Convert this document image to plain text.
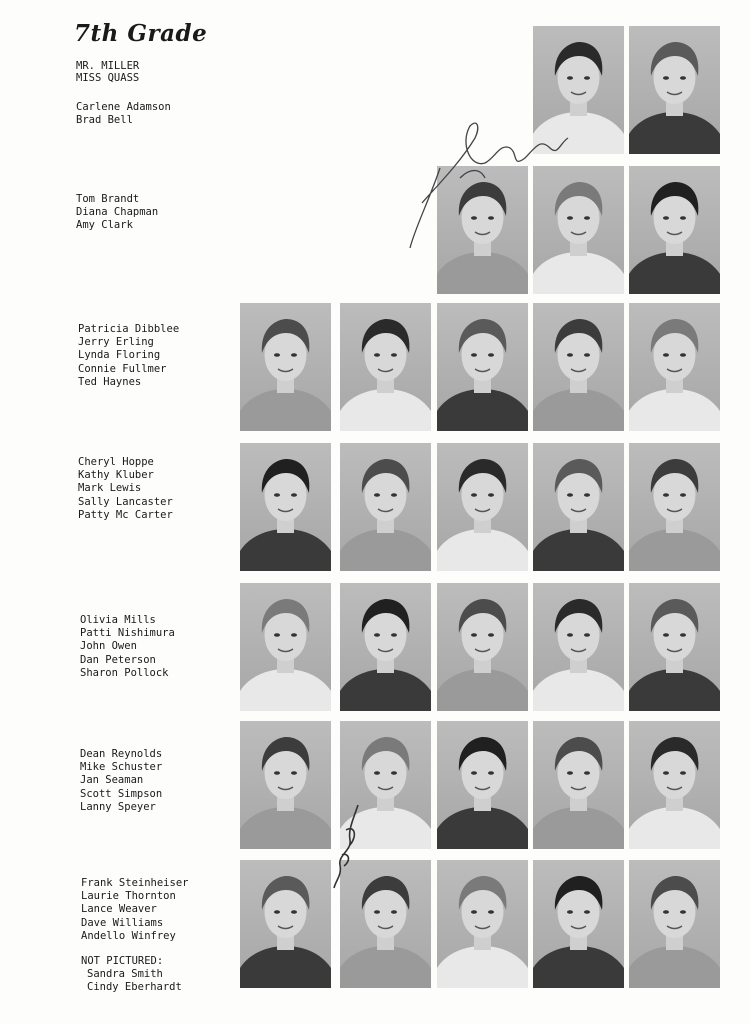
7th Grade
MR. MILLER
MISS QUASS
Carlene Adamson
Brad Bell
Tom Brandt
Diana Chapman
Amy Clark
Patricia Dibblee
Jerry Erling
Lynda Floring
Connie Fullmer
Ted Haynes
Cheryl Hoppe
Kathy Kluber
Mark Lewis
Sally Lancaster
Patty Mc Carter
Olivia Mills
Patti Nishimura
John Owen
Dan Peterson
Sharon Pollock
Dean Reynolds
Mike Schuster
Jan Seaman
Scott Simpson
Lanny Speyer
Frank Steinheiser
Laurie Thornton
Lance Weaver
Dave Williams
Andello Winfrey
NOT PICTURED:
Sandra Smith
Cindy Eberhardt
